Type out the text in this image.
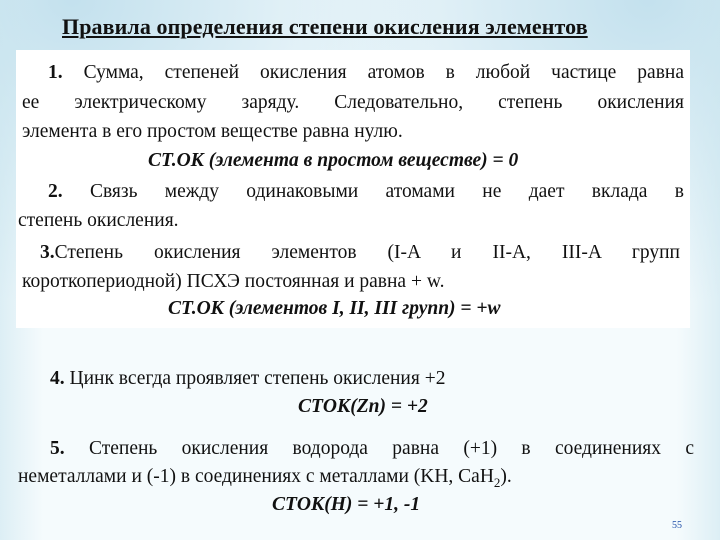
Правила определения степени окисления элементов
1. Сумма, степеней окисления атомов в любой частице равна
ее электрическому заряду. Следовательно, степень окисления
элемента в его простом веществе равна нулю.
СТ.ОК (элемента в простом веществе) = 0
2. Связь между одинаковыми атомами не дает вклада в
степень окисления.
3.Степень окисления элементов (I-A и II-A, III-A групп
короткопериодной) ПСХЭ постоянная и равна + w.
СТ.ОК (элементов I, II, III групп) = +w
4. Цинк всегда проявляет степень окисления +2
СТОК(Zn) = +2
5. Степень окисления водорода равна (+1) в соединениях с
неметаллами и (-1) в соединениях с металлами (KH, CaH$_2$).
СТОК(Н) = +1, -1
55
